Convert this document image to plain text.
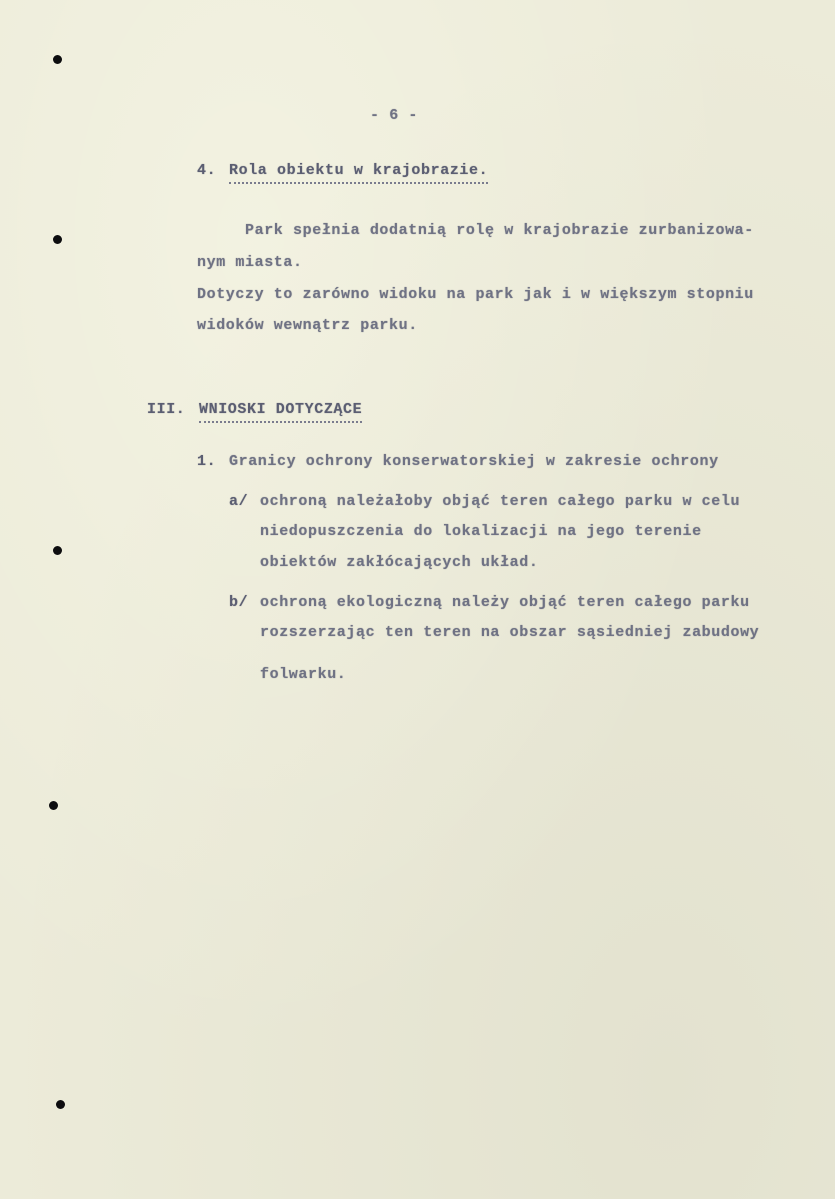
- 6 -
4. Rola obiektu w krajobrazie.
Park spełnia dodatnią rolę w krajobrazie zurbanizowa-
nym miasta.
Dotyczy to zarówno widoku na park jak i w większym stopniu
widoków wewnątrz parku.
III. WNIOSKI DOTYCZĄCE
1. Granicy ochrony konserwatorskiej w zakresie ochrony
a/ ochroną należałoby objąć teren całego parku w celu
niedopuszczenia do lokalizacji na jego terenie
obiektów zakłócających układ.
b/ ochroną ekologiczną należy objąć teren całego parku
rozszerzając ten teren na obszar sąsiedniej zabudowy
folwarku.
